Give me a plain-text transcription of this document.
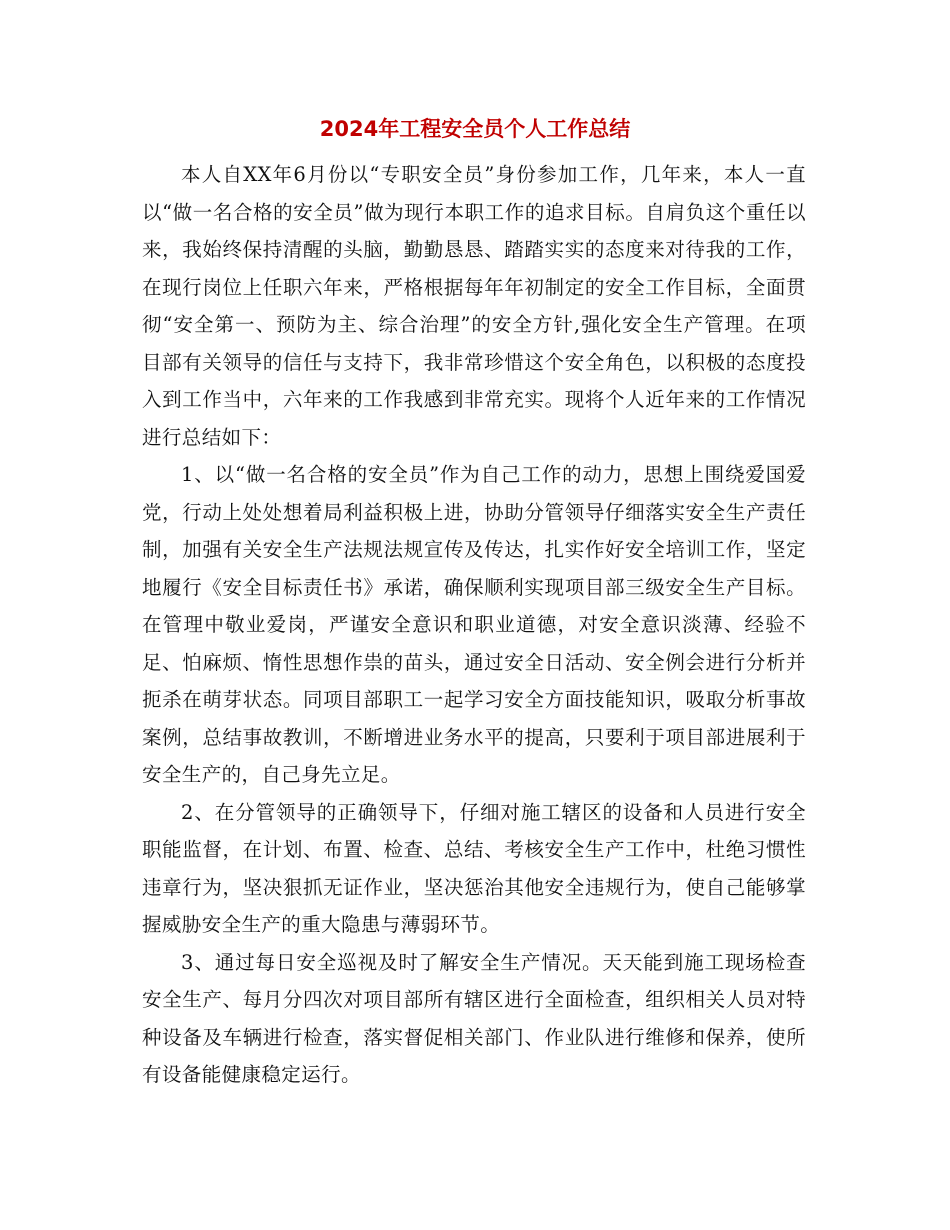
2024年工程安全员个人工作总结

本人自XX年6月份以“专职安全员”身份参加工作，几年来，本人一直以“做一名合格的安全员”做为现行本职工作的追求目标。自肩负这个重任以来，我始终保持清醒的头脑，勤勤恳恳、踏踏实实的态度来对待我的工作，在现行岗位上任职六年来，严格根据每年年初制定的安全工作目标，全面贯彻“安全第一、预防为主、综合治理”的安全方针,强化安全生产管理。在项目部有关领导的信任与支持下，我非常珍惜这个安全角色，以积极的态度投入到工作当中，六年来的工作我感到非常充实。现将个人近年来的工作情况进行总结如下：

1、以“做一名合格的安全员”作为自己工作的动力，思想上围绕爱国爱党，行动上处处想着局利益积极上进，协助分管领导仔细落实安全生产责任制，加强有关安全生产法规法规宣传及传达，扎实作好安全培训工作，坚定地履行《安全目标责任书》承诺，确保顺利实现项目部三级安全生产目标。在管理中敬业爱岗，严谨安全意识和职业道德，对安全意识淡薄、经验不足、怕麻烦、惰性思想作祟的苗头，通过安全日活动、安全例会进行分析并扼杀在萌芽状态。同项目部职工一起学习安全方面技能知识，吸取分析事故案例，总结事故教训，不断增进业务水平的提高，只要利于项目部进展利于安全生产的，自己身先立足。

2、在分管领导的正确领导下，仔细对施工辖区的设备和人员进行安全职能监督，在计划、布置、检查、总结、考核安全生产工作中，杜绝习惯性违章行为，坚决狠抓无证作业，坚决惩治其他安全违规行为，使自己能够掌握威胁安全生产的重大隐患与薄弱环节。

3、通过每日安全巡视及时了解安全生产情况。天天能到施工现场检查安全生产、每月分四次对项目部所有辖区进行全面检查，组织相关人员对特种设备及车辆进行检查，落实督促相关部门、作业队进行维修和保养，使所有设备能健康稳定运行。
